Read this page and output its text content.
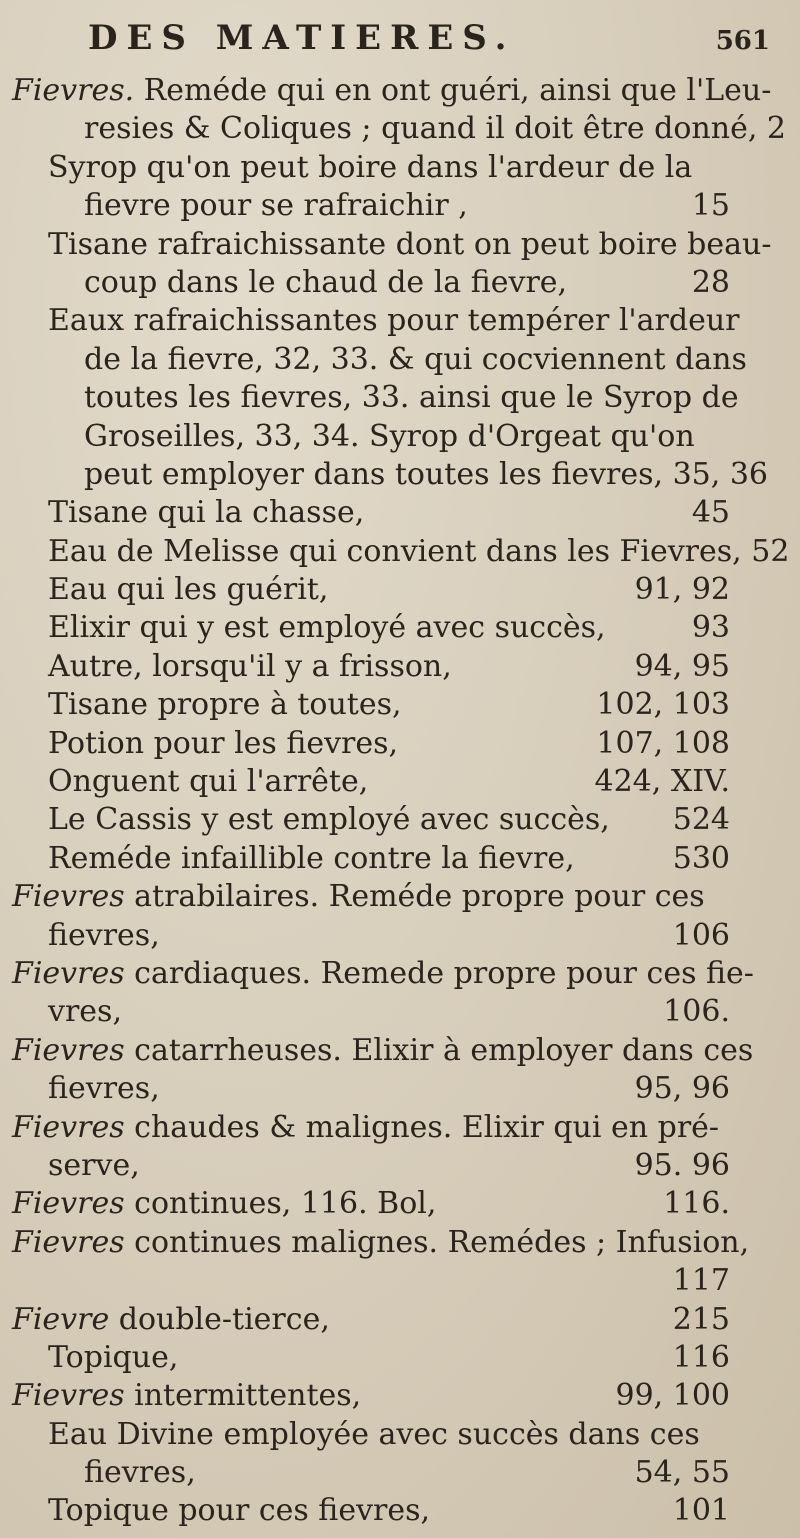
DES MATIERES.	561
Fievres. Reméde qui en ont guéri, ainsi que l'Leu-
resies & Coliques ; quand il doit être donné, 2
Syrop qu'on peut boire dans l'ardeur de la
fievre pour se rafraichir ,	15
Tisane rafraichissante dont on peut boire beau-
coup dans le chaud de la fievre,	28
Eaux rafraichissantes pour tempérer l'ardeur
de la fievre, 32, 33. & qui cocviennent dans
toutes les fievres, 33. ainsi que le Syrop de
Groseilles, 33, 34. Syrop d'Orgeat qu'on
peut employer dans toutes les fievres, 35, 36
Tisane qui la chasse,	45
Eau de Melisse qui convient dans les Fievres, 52
Eau qui les guérit,	91, 92
Elixir qui y est employé avec succès,	93
Autre, lorsqu'il y a frisson,	94, 95
Tisane propre à toutes,	102, 103
Potion pour les fievres,	107, 108
Onguent qui l'arrête,	424, XIV.
Le Cassis y est employé avec succès, 524
Reméde infaillible contre la fievre,	530
Fievres atrabilaires. Reméde propre pour ces
fievres,	106
Fievres cardiaques. Remede propre pour ces fie-
vres,	106.
Fievres catarrheuses. Elixir à employer dans ces
fievres,	95, 96
Fievres chaudes & malignes. Elixir qui en pré-
serve,	95. 96
Fievres continues, 116. Bol,	116.
Fievres continues malignes. Remédes ; Infusion,
117
Fievre double-tierce,	215
Topique,	116
Fievres intermittentes,	99, 100
Eau Divine employée avec succès dans ces
fievres,	54, 55
Topique pour ces fievres,	101
